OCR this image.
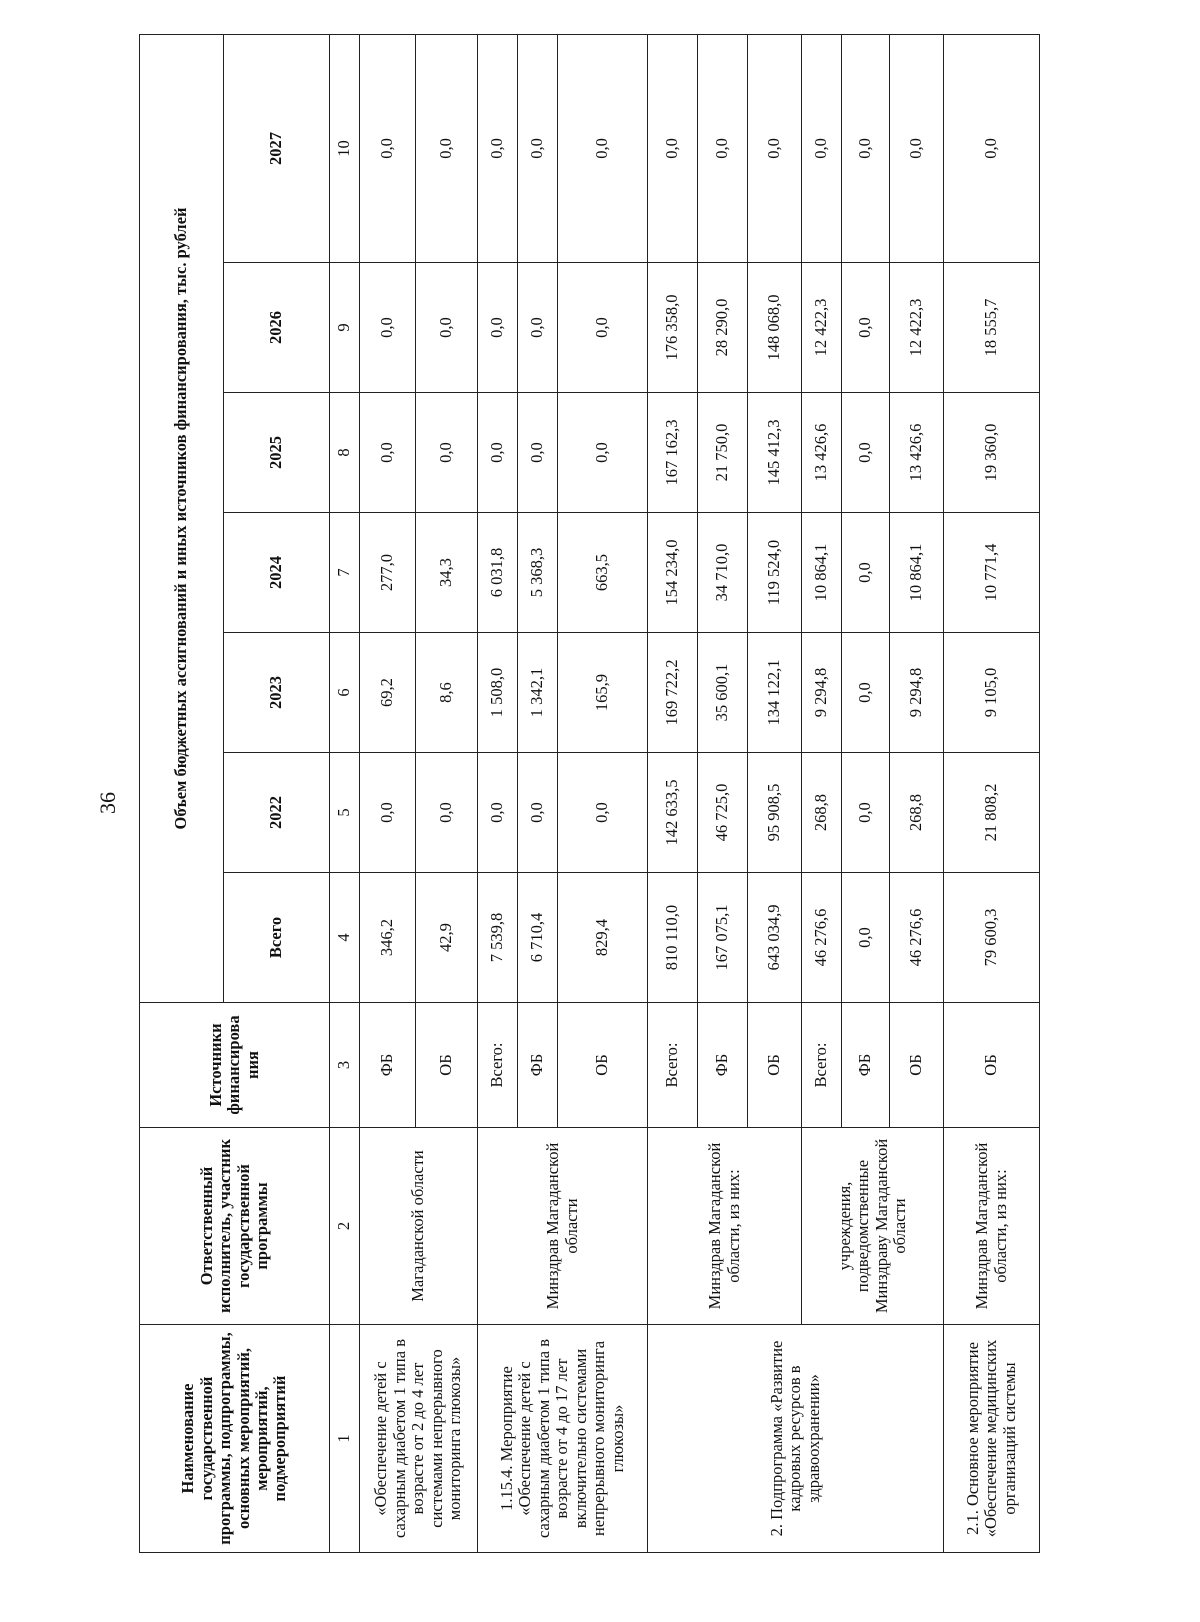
36
Наименование государственной программы, подпрограммы, основных мероприятий, мероприятий, подмероприятий	Ответственный исполнитель, участник государственной программы	Источники финансирова ния	Объем бюджетных ассигнований и иных источников финансирования, тыс. рублей						
			Всего	2022	2023	2024	2025	2026	2027
1	2	3	4	5	6	7	8	9	10
«Обеспечение детей с сахарным диабетом 1 типа в возрасте от 2 до 4 лет системами непрерывного мониторинга глюкозы»	Магаданской области	ФБ	346,2	0,0	69,2	277,0	0,0	0,0	0,0
		ОБ	42,9	0,0	8,6	34,3	0,0	0,0	0,0
1.15.4. Мероприятие «Обеспечение детей с сахарным диабетом 1 типа в возрасте от 4 до 17 лет включительно системами непрерывного мониторинга глюкозы»	Минздрав Магаданской области	Всего:	7 539,8	0,0	1 508,0	6 031,8	0,0	0,0	0,0
		ФБ	6 710,4	0,0	1 342,1	5 368,3	0,0	0,0	0,0
		ОБ	829,4	0,0	165,9	663,5	0,0	0,0	0,0
2. Подпрограмма «Развитие кадровых ресурсов в здравоохранении»	Минздрав Магаданской области, из них:	Всего:	810 110,0	142 633,5	169 722,2	154 234,0	167 162,3	176 358,0	0,0
		ФБ	167 075,1	46 725,0	35 600,1	34 710,0	21 750,0	28 290,0	0,0
		ОБ	643 034,9	95 908,5	134 122,1	119 524,0	145 412,3	148 068,0	0,0
	учреждения, подведомственные Минздраву Магаданской области	Всего:	46 276,6	268,8	9 294,8	10 864,1	13 426,6	12 422,3	0,0
		ФБ	0,0	0,0	0,0	0,0	0,0	0,0	0,0
		ОБ	46 276,6	268,8	9 294,8	10 864,1	13 426,6	12 422,3	0,0
2.1. Основное мероприятие «Обеспечение медицинских организаций системы	Минздрав Магаданской области, из них:	ОБ	79 600,3	21 808,2	9 105,0	10 771,4	19 360,0	18 555,7	0,0
